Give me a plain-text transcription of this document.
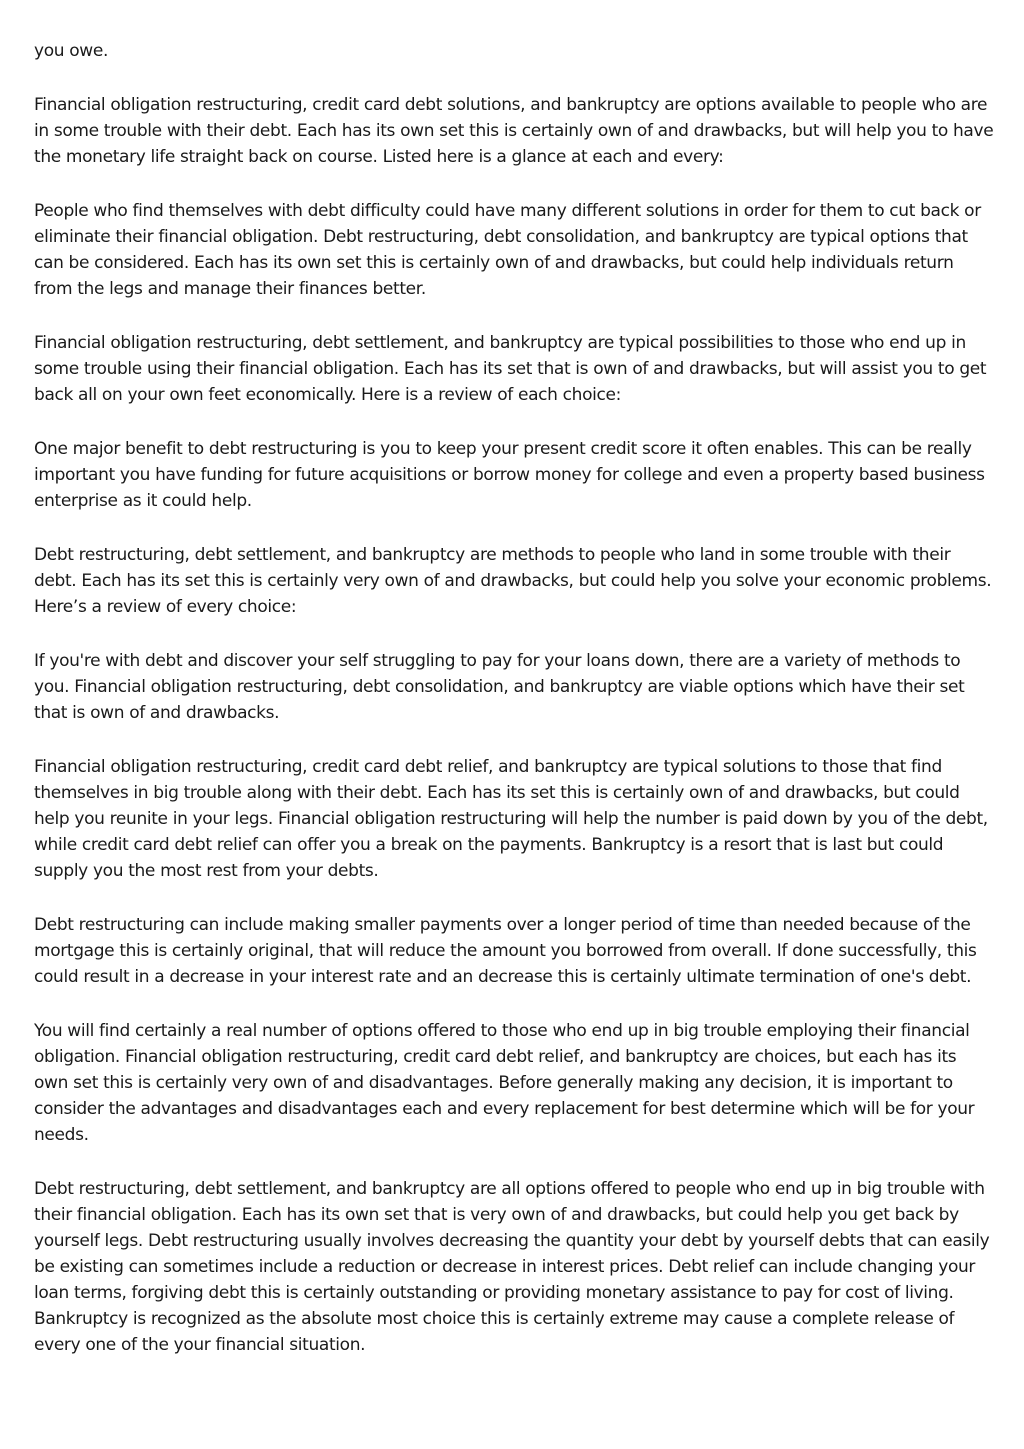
you owe.

Financial obligation restructuring, credit card debt solutions, and bankruptcy are options available to people who are in some trouble with their debt. Each has its own set this is certainly own of and drawbacks, but will help you to have the monetary life straight back on course. Listed here is a glance at each and every:

People who find themselves with debt difficulty could have many different solutions in order for them to cut back or eliminate their financial obligation. Debt restructuring, debt consolidation, and bankruptcy are typical options that can be considered. Each has its own set this is certainly own of and drawbacks, but could help individuals return from the legs and manage their finances better.

Financial obligation restructuring, debt settlement, and bankruptcy are typical possibilities to those who end up in some trouble using their financial obligation. Each has its set that is own of and drawbacks, but will assist you to get back all on your own feet economically. Here is a review of each choice:

One major benefit to debt restructuring is you to keep your present credit score it often enables. This can be really important you have funding for future acquisitions or borrow money for college and even a property based business enterprise as it could help.

Debt restructuring, debt settlement, and bankruptcy are methods to people who land in some trouble with their debt. Each has its set this is certainly very own of and drawbacks, but could help you solve your economic problems. Here’s a review of every choice:

If you're with debt and discover your self struggling to pay for your loans down, there are a variety of methods to you. Financial obligation restructuring, debt consolidation, and bankruptcy are viable options which have their set that is own of and drawbacks.

Financial obligation restructuring, credit card debt relief, and bankruptcy are typical solutions to those that find themselves in big trouble along with their debt. Each has its set this is certainly own of and drawbacks, but could help you reunite in your legs. Financial obligation restructuring will help the number is paid down by you of the debt, while credit card debt relief can offer you a break on the payments. Bankruptcy is a resort that is last but could supply you the most rest from your debts.

Debt restructuring can include making smaller payments over a longer period of time than needed because of the mortgage this is certainly original, that will reduce the amount you borrowed from overall. If done successfully, this could result in a decrease in your interest rate and an decrease this is certainly ultimate termination of one's debt.

You will find certainly a real number of options offered to those who end up in big trouble employing their financial obligation. Financial obligation restructuring, credit card debt relief, and bankruptcy are choices, but each has its own set this is certainly very own of and disadvantages. Before generally making any decision, it is important to consider the advantages and disadvantages each and every replacement for best determine which will be for your needs.

Debt restructuring, debt settlement, and bankruptcy are all options offered to people who end up in big trouble with their financial obligation. Each has its own set that is very own of and drawbacks, but could help you get back by yourself legs. Debt restructuring usually involves decreasing the quantity your debt by yourself debts that can easily be existing can sometimes include a reduction or decrease in interest prices. Debt relief can include changing your loan terms, forgiving debt this is certainly outstanding or providing monetary assistance to pay for cost of living. Bankruptcy is recognized as the absolute most choice this is certainly extreme may cause a complete release of every one of the your financial situation.
